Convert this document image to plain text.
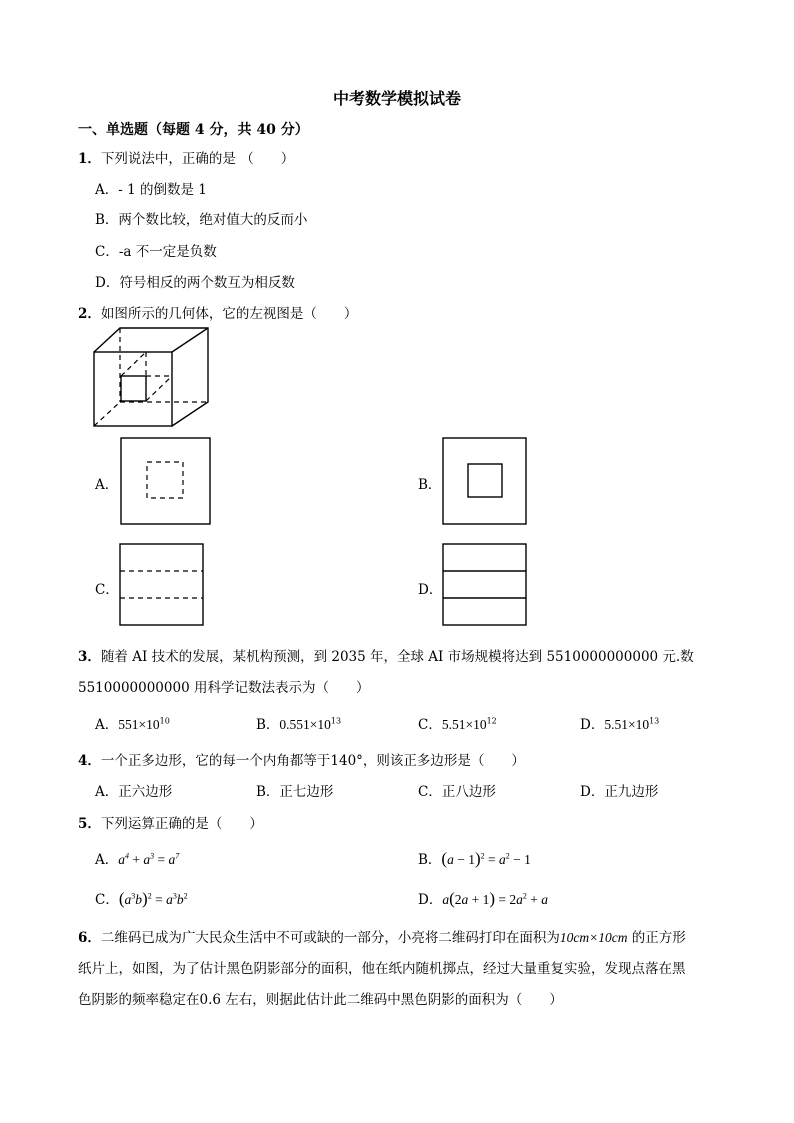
中考数学模拟试卷
一、单选题（每题 4 分，共 40 分）
1．下列说法中，正确的是 （　　）
A．- 1 的倒数是 1
B．两个数比较，绝对值大的反而小
C．-a 不一定是负数
D．符号相反的两个数互为相反数
2．如图所示的几何体，它的左视图是（　　）
A．	B．
C．	D．
3．随着 AI 技术的发展，某机构预测，到 2035 年，全球 AI 市场规模将达到 5510000000000 元.数
5510000000000 用科学记数法表示为（　　）
A．$551\times 10^{10}$	B．$0.551\times 10^{13}$	C．$5.51\times 10^{12}$	D．$5.51\times 10^{13}$
4．一个正多边形，它的每一个内角都等于140°，则该正多边形是（　　）
A．正六边形	B．正七边形	C．正八边形	D．正九边形
5．下列运算正确的是（　　）
A．$a^4 + a^3 = a^7$	B．$(a - 1)^2 = a^2 - 1$
C．$(a^3b)^2 = a^3b^2$	D．$a(2a + 1) = 2a^2 + a$
6．二维码已成为广大民众生活中不可或缺的一部分，小亮将二维码打印在面积为10cm×10cm 的正方形
纸片上，如图，为了估计黑色阴影部分的面积，他在纸内随机掷点，经过大量重复实验，发现点落在黑
色阴影的频率稳定在0.6 左右，则据此估计此二维码中黑色阴影的面积为（　　）
